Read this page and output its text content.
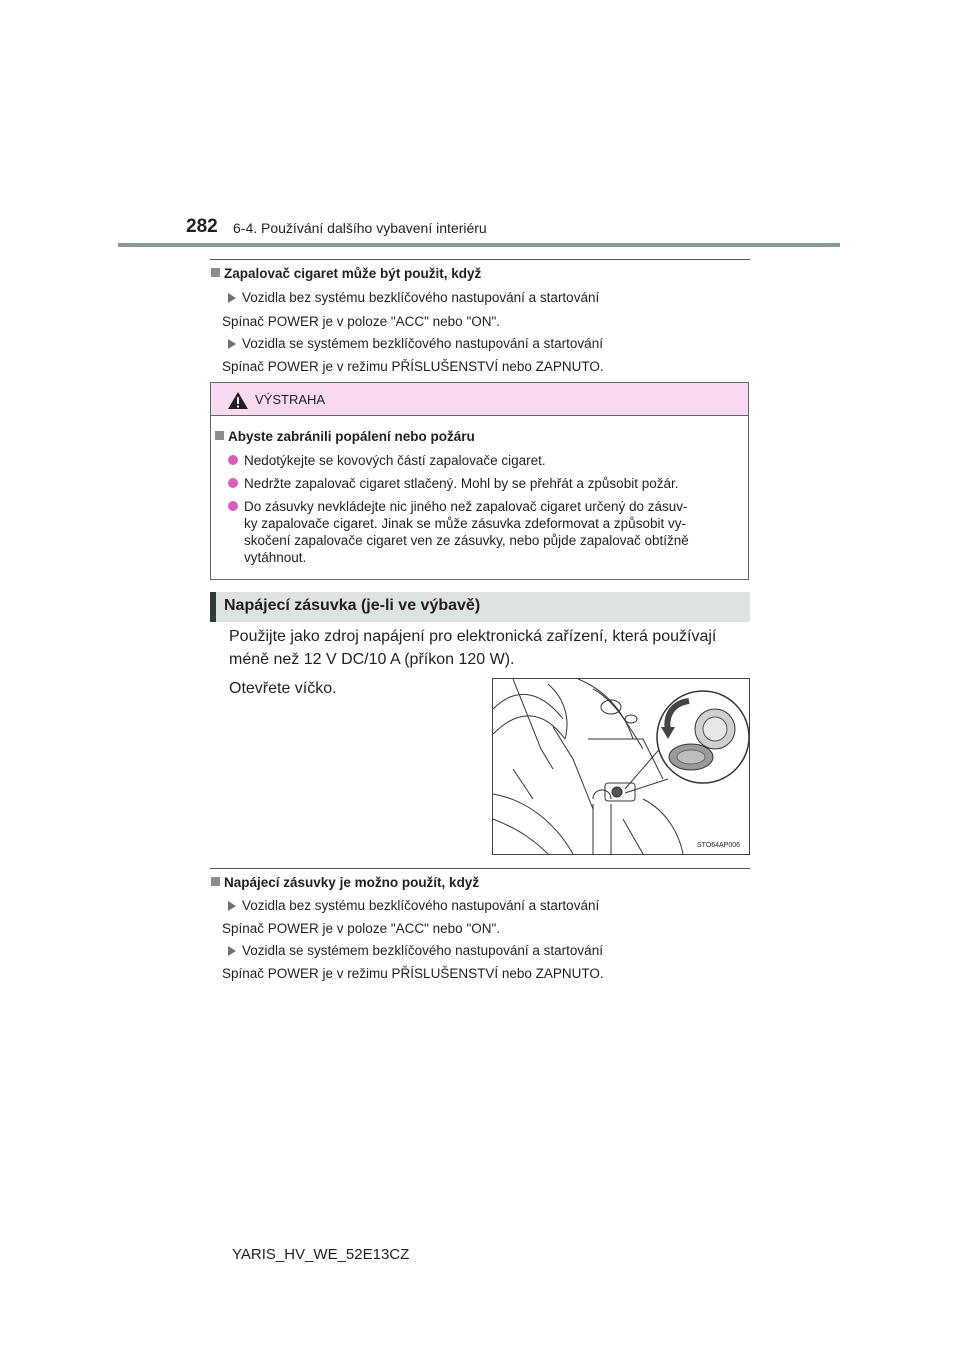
282 6-4. Používání dalšího vybavení interiéru
Zapalovač cigaret může být použit, když
Vozidla bez systému bezklíčového nastupování a startování
Spínač POWER je v poloze "ACC" nebo "ON".
Vozidla se systémem bezklíčového nastupování a startování
Spínač POWER je v režimu PŘÍSLUŠENSTVÍ nebo ZAPNUTO.
VÝSTRAHA
Abyste zabránili popálení nebo požáru
Nedotýkejte se kovových částí zapalovače cigaret.
Nedržte zapalovač cigaret stlačený. Mohl by se přehřát a způsobit požár.
Do zásuvky nevkládejte nic jiného než zapalovač cigaret určený do zásuv-
ky zapalovače cigaret. Jinak se může zásuvka zdeformovat a způsobit vy-
skočení zapalovače cigaret ven ze zásuvky, nebo půjde zapalovač obtížně
vytáhnout.
Napájecí zásuvka (je-li ve výbavě)
Použijte jako zdroj napájení pro elektronická zařízení, která používají
méně než 12 V DC/10 A (příkon 120 W).
Otevřete víčko.
STO64AP006
Napájecí zásuvky je možno použít, když
Vozidla bez systému bezklíčového nastupování a startování
Spínač POWER je v poloze "ACC" nebo "ON".
Vozidla se systémem bezklíčového nastupování a startování
Spínač POWER je v režimu PŘÍSLUŠENSTVÍ nebo ZAPNUTO.
YARIS_HV_WE_52E13CZ
